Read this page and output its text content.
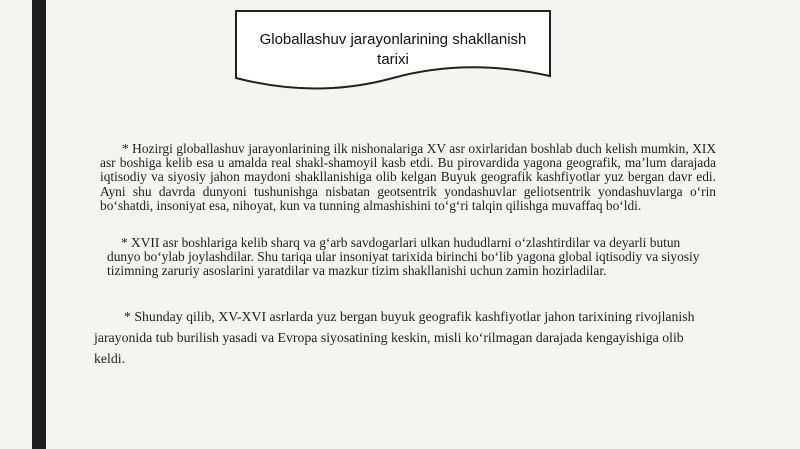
Globallashuv jarayonlarining shakllanish tarixi

* Hozirgi globallashuv jarayonlarining ilk nishonalariga XV asr oxirlaridan boshlab duch kelish mumkin, XIX asr boshiga kelib esa u amalda real shakl-shamoyil kasb etdi. Bu pirovardida yagona geografik, ma’lum darajada iqtisodiy va siyosiy jahon maydoni shakllanishiga olib kelgan Buyuk geografik kashfiyotlar yuz bergan davr edi. Ayni shu davrda dunyoni tushunishga nisbatan geotsentrik yondashuvlar geliotsentrik yondashuvlarga o‘rin bo‘shatdi, insoniyat esa, nihoyat, kun va tunning almashishini to‘g‘ri talqin qilishga muvaffaq bo‘ldi.

* XVII asr boshlariga kelib sharq va g‘arb savdogarlari ulkan hududlarni o‘zlashtirdilar va deyarli butun dunyo bo‘ylab joylashdilar. Shu tariqa ular insoniyat tarixida birinchi bo‘lib yagona global iqtisodiy va siyosiy tizimning zaruriy asoslarini yaratdilar va mazkur tizim shakllanishi uchun zamin hozirladilar.

* Shunday qilib, XV-XVI asrlarda yuz bergan buyuk geografik kashfiyotlar jahon tarixining rivojlanish jarayonida tub burilish yasadi va Evropa siyosatining keskin, misli ko‘rilmagan darajada kengayishiga olib keldi.
